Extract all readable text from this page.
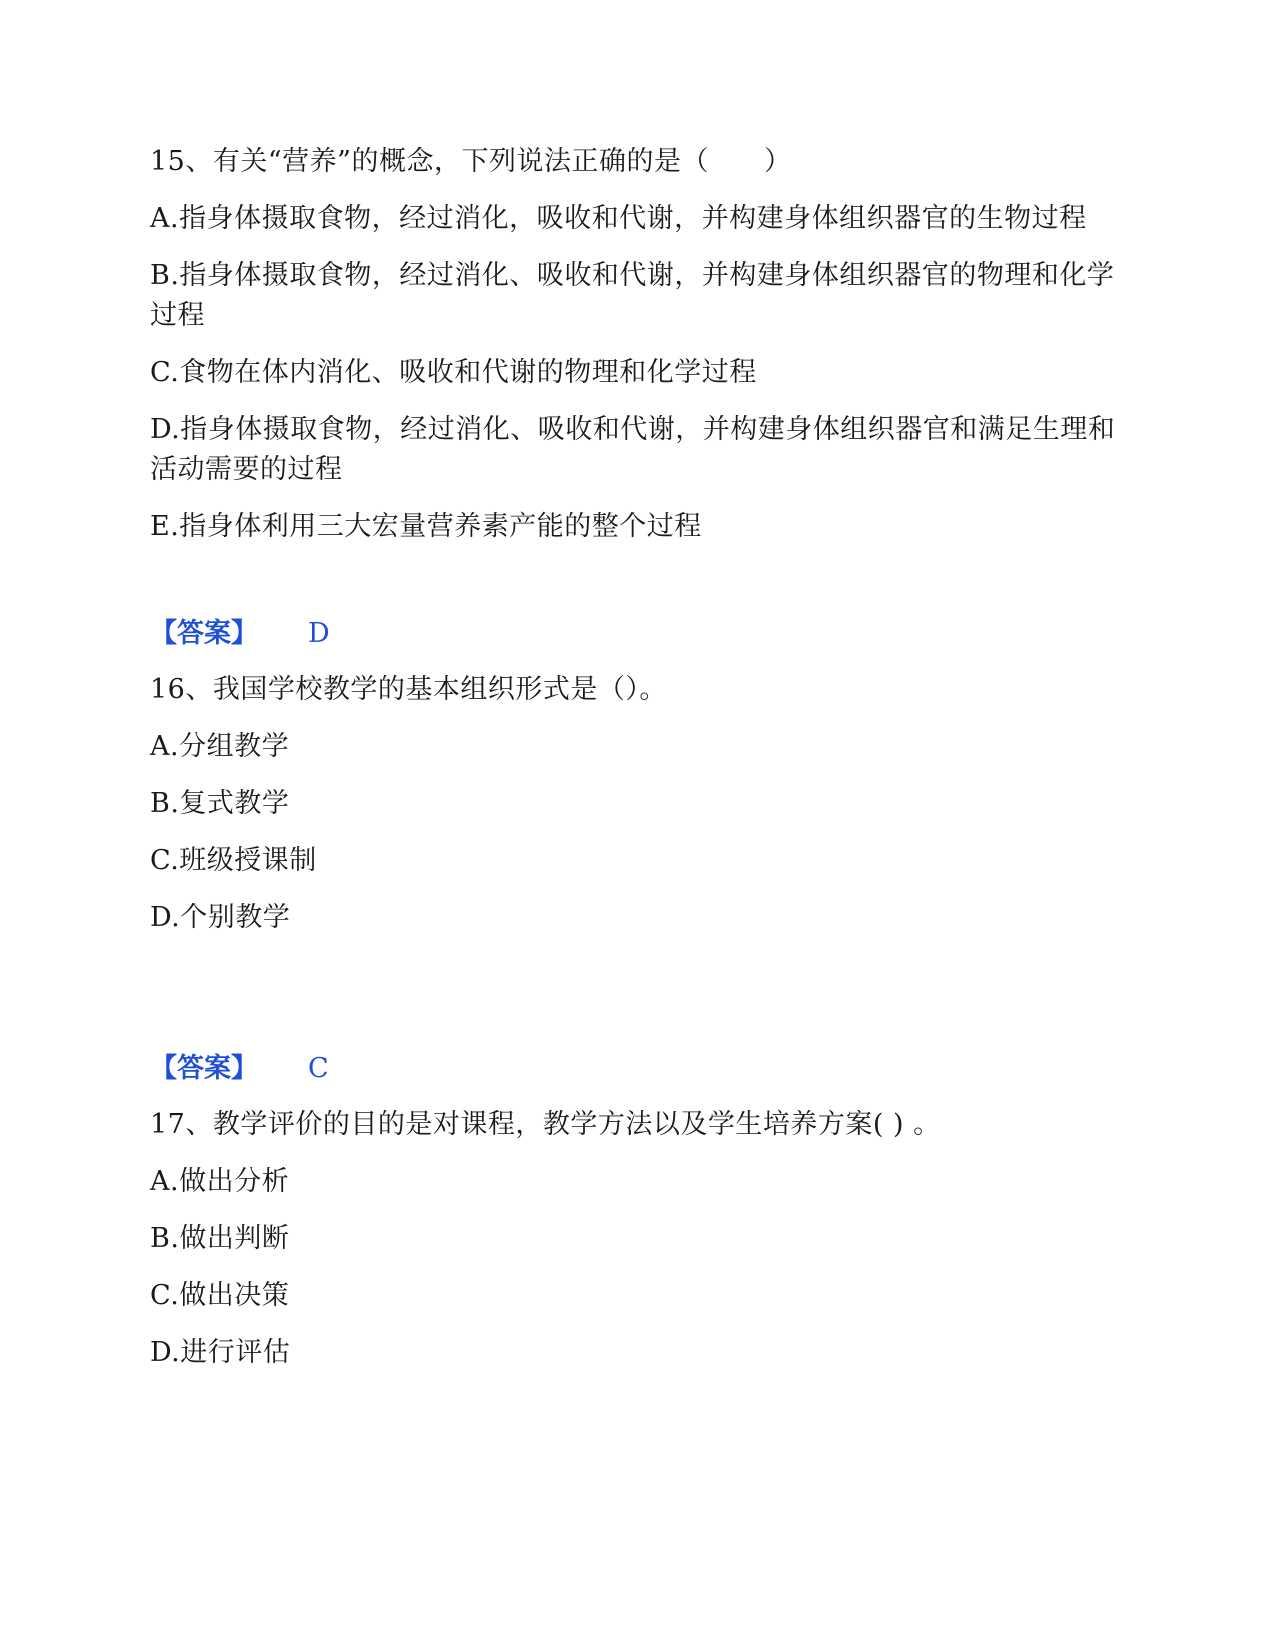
15、有关“营养”的概念，下列说法正确的是（　　）

A.指身体摄取食物，经过消化，吸收和代谢，并构建身体组织器官的生物过程

B.指身体摄取食物，经过消化、吸收和代谢，并构建身体组织器官的物理和化学过程

C.食物在体内消化、吸收和代谢的物理和化学过程

D.指身体摄取食物，经过消化、吸收和代谢，并构建身体组织器官和满足生理和活动需要的过程

E.指身体利用三大宏量营养素产能的整个过程

【答案】 D

16、我国学校教学的基本组织形式是（）。

A.分组教学

B.复式教学

C.班级授课制

D.个别教学

【答案】 C

17、教学评价的目的是对课程，教学方法以及学生培养方案( ) 。

A.做出分析

B.做出判断

C.做出决策

D.进行评估
